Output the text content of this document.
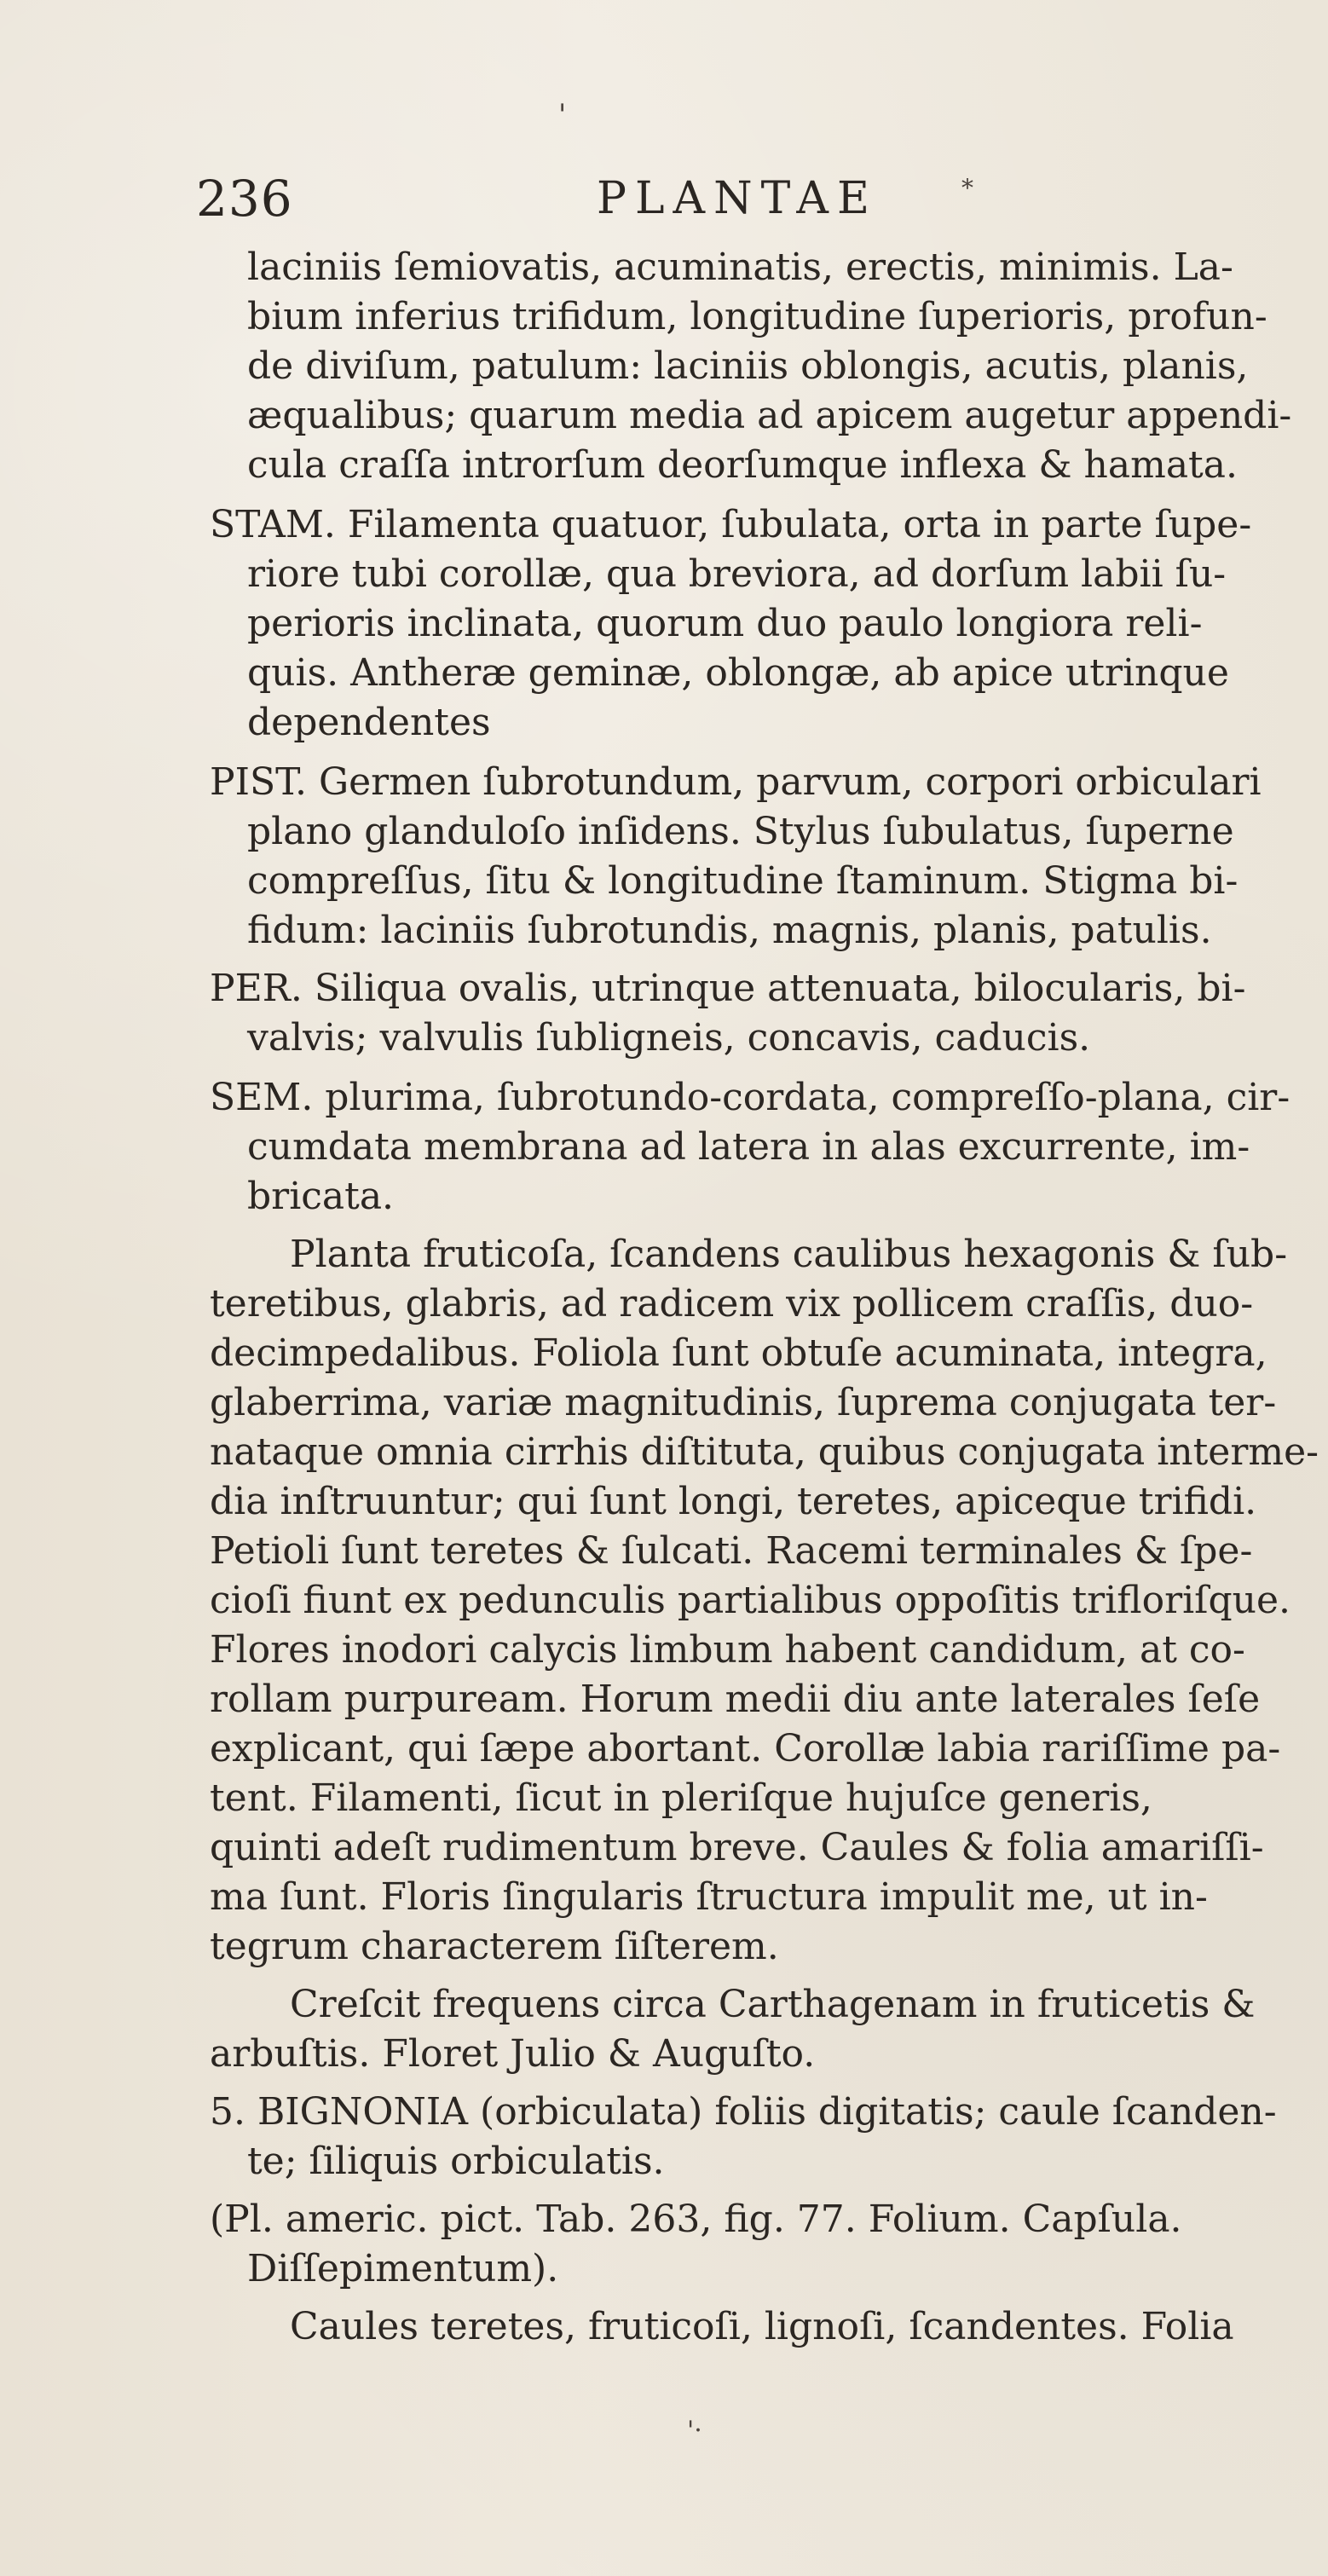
'
236	PLANTAE	*
laciniis ſemiovatis, acuminatis, erectis, minimis. La-
bium inferius trifidum, longitudine ſuperioris, profun-
de diviſum, patulum: laciniis oblongis, acutis, planis,
æqualibus; quarum media ad apicem augetur appendi-
cula craſſa introrſum deorſumque inflexa & hamata.
STAM. Filamenta quatuor, ſubulata, orta in parte ſupe-
riore tubi corollæ, qua breviora, ad dorſum labii ſu-
perioris inclinata, quorum duo paulo longiora reli-
quis. Antheræ geminæ, oblongæ, ab apice utrinque
dependentes
PIST. Germen ſubrotundum, parvum, corpori orbiculari
plano glanduloſo inſidens. Stylus ſubulatus, ſuperne
compreſſus, ſitu & longitudine ſtaminum. Stigma bi-
fidum: laciniis ſubrotundis, magnis, planis, patulis.
PER. Siliqua ovalis, utrinque attenuata, bilocularis, bi-
valvis; valvulis ſubligneis, concavis, caducis.
SEM. plurima, ſubrotundo-cordata, compreſſo-plana, cir-
cumdata membrana ad latera in alas excurrente, im-
bricata.
Planta fruticoſa, ſcandens caulibus hexagonis & ſub-
teretibus, glabris, ad radicem vix pollicem craſſis, duo-
decimpedalibus. Foliola ſunt obtuſe acuminata, integra,
glaberrima, variæ magnitudinis, ſuprema conjugata ter-
nataque omnia cirrhis diſtituta, quibus conjugata interme-
dia inſtruuntur; qui ſunt longi, teretes, apiceque trifidi.
Petioli ſunt teretes & ſulcati. Racemi terminales & ſpe-
cioſi fiunt ex pedunculis partialibus oppoſitis trifloriſque.
Flores inodori calycis limbum habent candidum, at co-
rollam purpuream. Horum medii diu ante laterales ſeſe
explicant, qui ſæpe abortant. Corollæ labia rariſſime pa-
tent. Filamenti, ſicut in pleriſque hujuſce generis,
quinti adeſt rudimentum breve. Caules & folia amariſſi-
ma ſunt. Floris ſingularis ſtructura impulit me, ut in-
tegrum characterem ſiſterem.
Creſcit frequens circa Carthagenam in fruticetis &
arbuſtis. Floret Julio & Auguſto.
5. BIGNONIA (orbiculata) foliis digitatis; caule ſcanden-
te; ſiliquis orbiculatis.
(Pl. americ. pict. Tab. 263, fig. 77. Folium. Capſula.
Diſſepimentum).
Caules teretes, fruticoſi, lignoſi, ſcandentes. Folia
'·
